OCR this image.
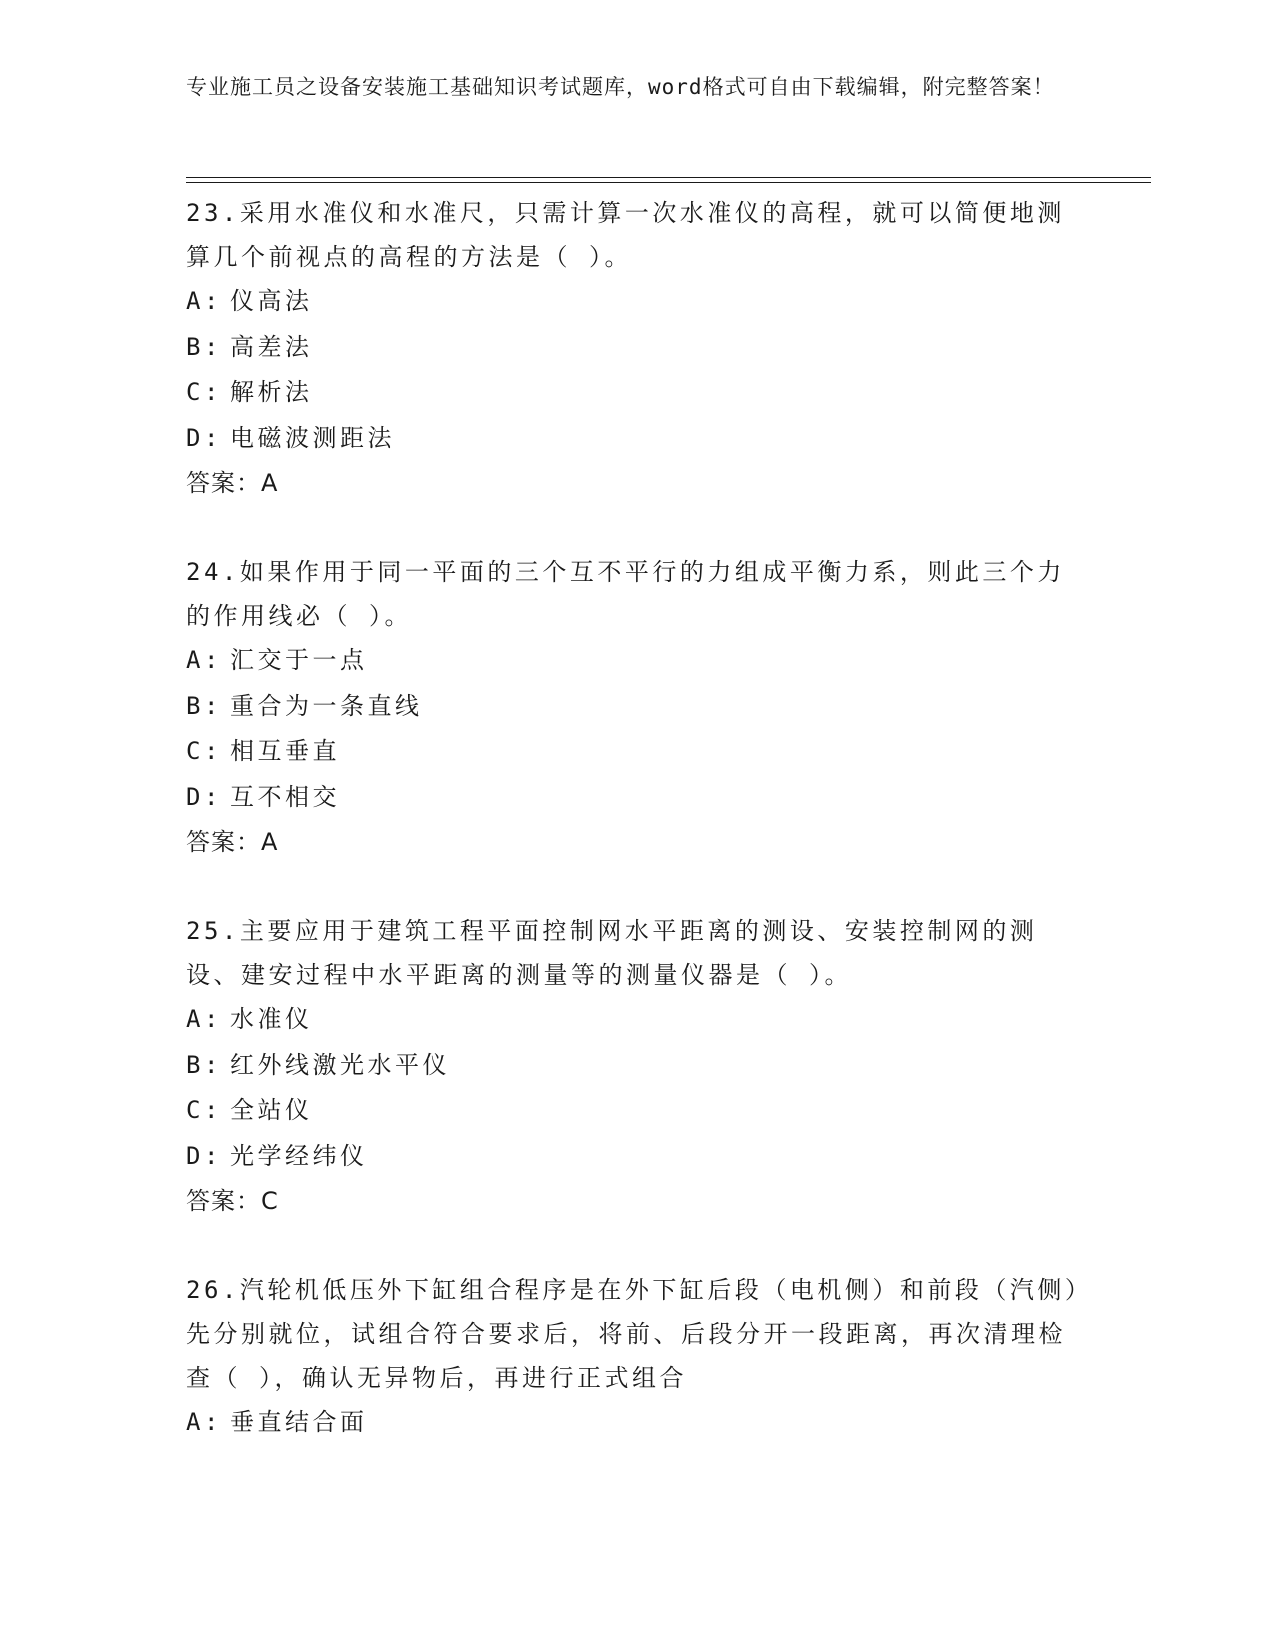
专业施工员之设备安装施工基础知识考试题库，word格式可自由下载编辑，附完整答案！
23.采用水准仪和水准尺，只需计算一次水准仪的高程，就可以简便地测算几个前视点的高程的方法是（ ）。
A: 仪高法
B: 高差法
C: 解析法
D: 电磁波测距法
答案：A
24.如果作用于同一平面的三个互不平行的力组成平衡力系，则此三个力的作用线必（ ）。
A: 汇交于一点
B: 重合为一条直线
C: 相互垂直
D: 互不相交
答案：A
25.主要应用于建筑工程平面控制网水平距离的测设、安装控制网的测设、建安过程中水平距离的测量等的测量仪器是（ ）。
A: 水准仪
B: 红外线激光水平仪
C: 全站仪
D: 光学经纬仪
答案：C
26.汽轮机低压外下缸组合程序是在外下缸后段（电机侧）和前段（汽侧）先分别就位，试组合符合要求后，将前、后段分开一段距离，再次清理检查（ ），确认无异物后，再进行正式组合
A: 垂直结合面
